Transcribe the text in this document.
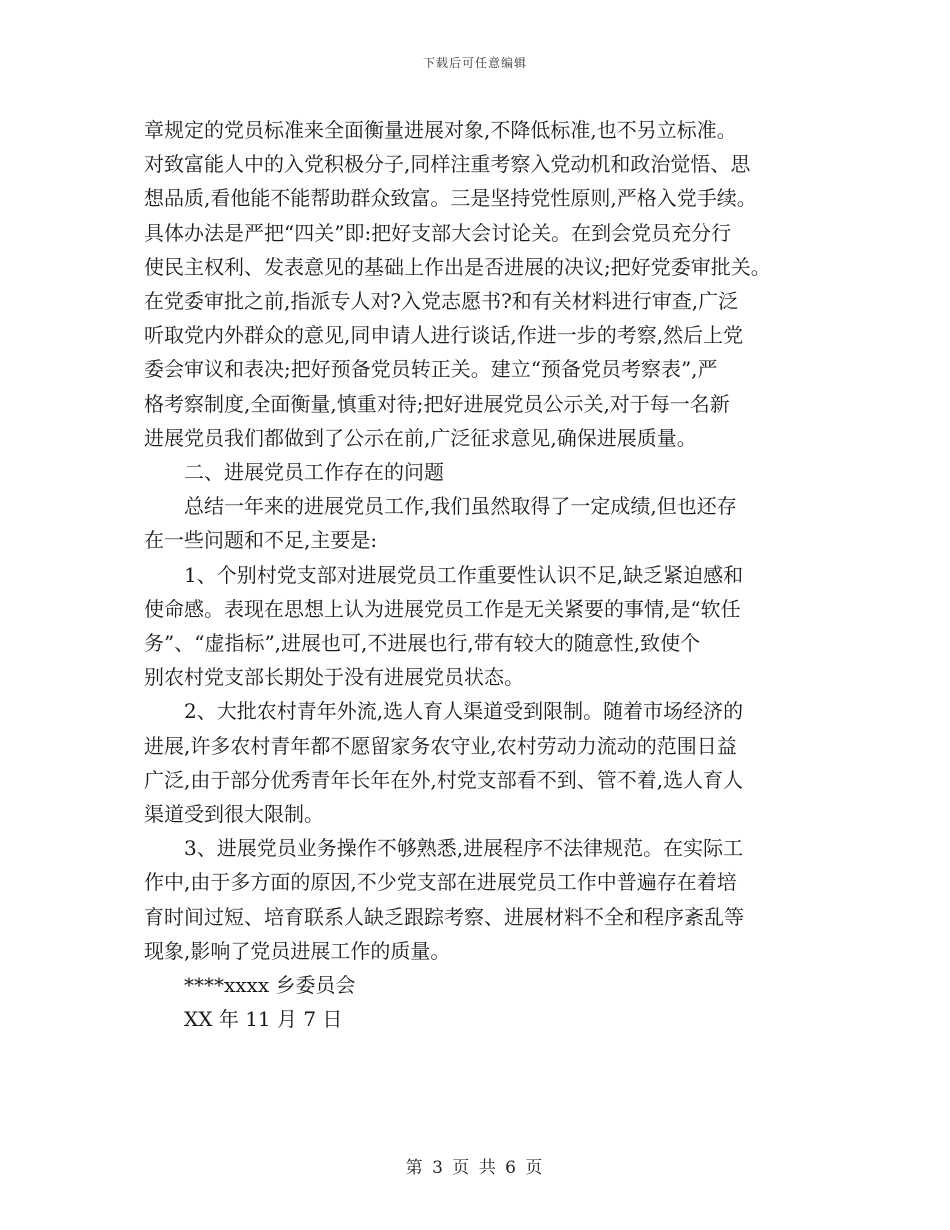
下载后可任意编辑

章规定的党员标准来全面衡量进展对象,不降低标准,也不另立标准。

对致富能人中的入党积极分子,同样注重考察入党动机和政治觉悟、思

想品质,看他能不能帮助群众致富。三是坚持党性原则,严格入党手续。

具体办法是严把“四关”即:把好支部大会讨论关。在到会党员充分行

使民主权利、发表意见的基础上作出是否进展的决议;把好党委审批关。

在党委审批之前,指派专人对?入党志愿书?和有关材料进行审查,广泛

听取党内外群众的意见,同申请人进行谈话,作进一步的考察,然后上党

委会审议和表决;把好预备党员转正关。建立“预备党员考察表”,严

格考察制度,全面衡量,慎重对待;把好进展党员公示关,对于每一名新

进展党员我们都做到了公示在前,广泛征求意见,确保进展质量。

　　二、进展党员工作存在的问题

　　总结一年来的进展党员工作,我们虽然取得了一定成绩,但也还存

在一些问题和不足,主要是:

　　1、个别村党支部对进展党员工作重要性认识不足,缺乏紧迫感和

使命感。表现在思想上认为进展党员工作是无关紧要的事情,是“软任

务”、“虚指标”,进展也可,不进展也行,带有较大的随意性,致使个

别农村党支部长期处于没有进展党员状态。

　　2、大批农村青年外流,选人育人渠道受到限制。随着市场经济的

进展,许多农村青年都不愿留家务农守业,农村劳动力流动的范围日益

广泛,由于部分优秀青年长年在外,村党支部看不到、管不着,选人育人

渠道受到很大限制。

　　3、进展党员业务操作不够熟悉,进展程序不法律规范。在实际工

作中,由于多方面的原因,不少党支部在进展党员工作中普遍存在着培

育时间过短、培育联系人缺乏跟踪考察、进展材料不全和程序紊乱等

现象,影响了党员进展工作的质量。

　　****xxxx 乡委员会

　　XX 年 11 月 7 日

第 3 页 共 6 页
